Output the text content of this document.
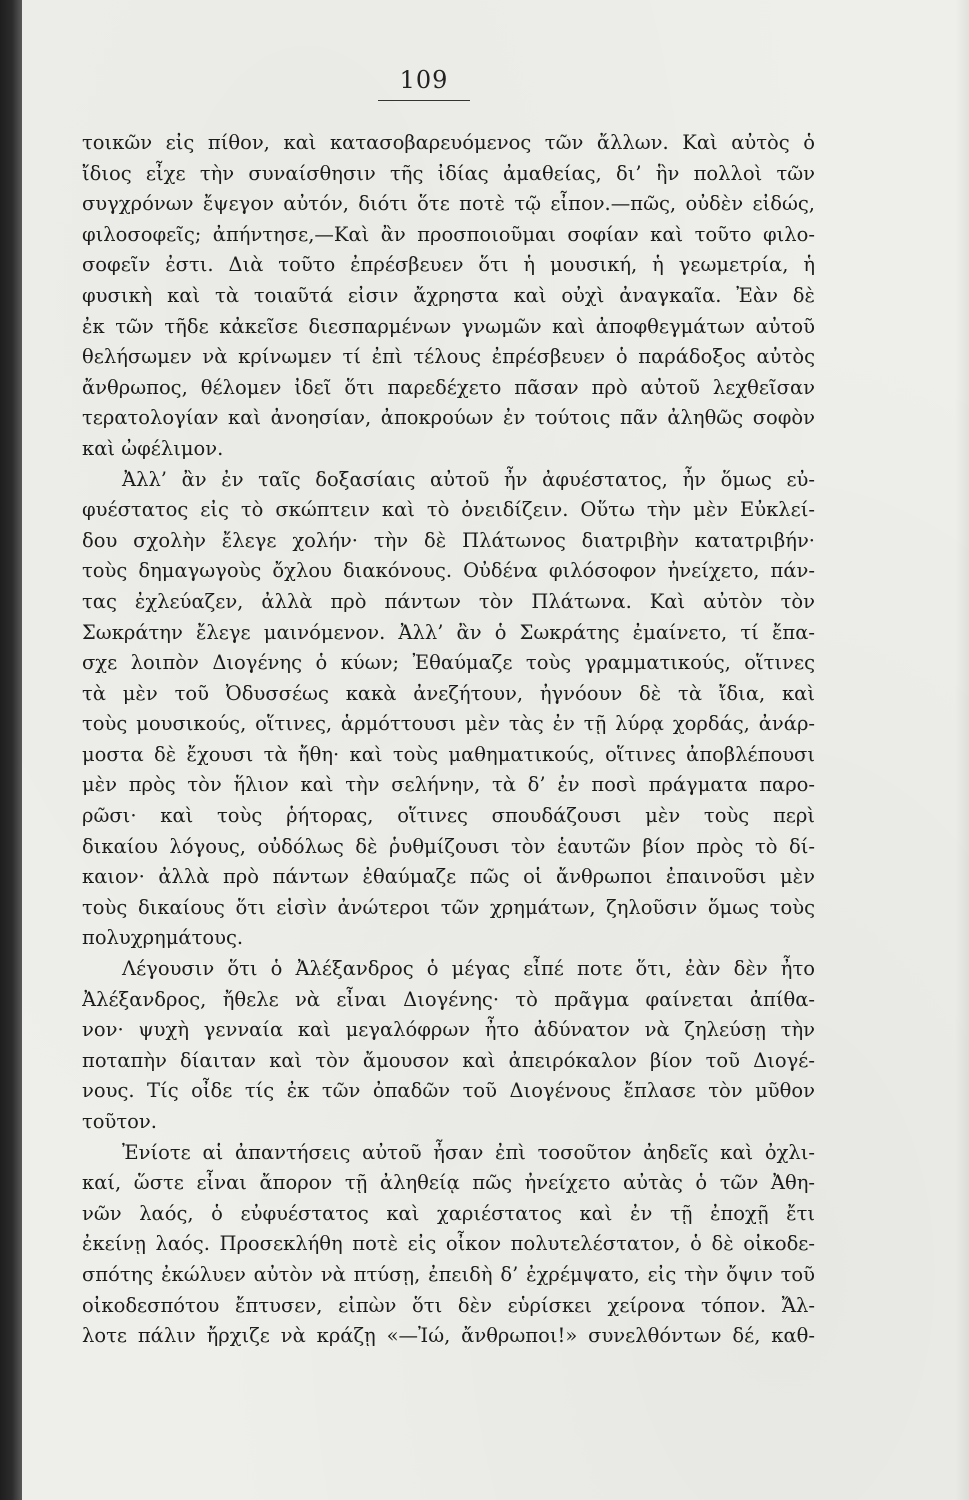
109
τοικῶν εἰς πίθον, καὶ κατασοβαρευόμενος τῶν ἄλλων. Καὶ αὐτὸς ὁ
ἴδιος εἶχε τὴν συναίσθησιν τῆς ἰδίας ἀμαθείας, δι’ ἣν πολλοὶ τῶν
συγχρόνων ἔψεγον αὐτόν, διότι ὅτε ποτὲ τῷ εἶπον.—πῶς, οὐδὲν εἰδώς,
φιλοσοφεῖς; ἀπήντησε,—Καὶ ἂν προσποιοῦμαι σοφίαν καὶ τοῦτο φιλο-
σοφεῖν ἐστι. Διὰ τοῦτο ἐπρέσβευεν ὅτι ἡ μουσική, ἡ γεωμετρία, ἡ
φυσικὴ καὶ τὰ τοιαῦτά εἰσιν ἄχρηστα καὶ οὐχὶ ἀναγκαῖα. Ἐὰν δὲ
ἐκ τῶν τῆδε κἀκεῖσε διεσπαρμένων γνωμῶν καὶ ἀποφθεγμάτων αὐτοῦ
θελήσωμεν νὰ κρίνωμεν τί ἐπὶ τέλους ἐπρέσβευεν ὁ παράδοξος αὐτὸς
ἄνθρωπος, θέλομεν ἰδεῖ ὅτι παρεδέχετο πᾶσαν πρὸ αὐτοῦ λεχθεῖσαν
τερατολογίαν καὶ ἀνοησίαν, ἀποκρούων ἐν τούτοις πᾶν ἀληθῶς σοφὸν
καὶ ὠφέλιμον.
Ἀλλ’ ἂν ἐν ταῖς δοξασίαις αὐτοῦ ἦν ἀφυέστατος, ἦν ὅμως εὐ-
φυέστατος εἰς τὸ σκώπτειν καὶ τὸ ὀνειδίζειν. Οὕτω τὴν μὲν Εὐκλεί-
δου σχολὴν ἔλεγε χολήν· τὴν δὲ Πλάτωνος διατριβὴν κατατριβήν·
τοὺς δημαγωγοὺς ὄχλου διακόνους. Οὐδένα φιλόσοφον ἠνείχετο, πάν-
τας ἐχλεύαζεν, ἀλλὰ πρὸ πάντων τὸν Πλάτωνα. Καὶ αὐτὸν τὸν
Σωκράτην ἔλεγε μαινόμενον. Ἀλλ’ ἂν ὁ Σωκράτης ἐμαίνετο, τί ἔπα-
σχε λοιπὸν Διογένης ὁ κύων; Ἐθαύμαζε τοὺς γραμματικούς, οἵτινες
τὰ μὲν τοῦ Ὀδυσσέως κακὰ ἀνεζήτουν, ἠγνόουν δὲ τὰ ἴδια, καὶ
τοὺς μουσικούς, οἵτινες, ἁρμόττουσι μὲν τὰς ἐν τῇ λύρᾳ χορδάς, ἀνάρ-
μοστα δὲ ἔχουσι τὰ ἤθη· καὶ τοὺς μαθηματικούς, οἵτινες ἀποβλέπουσι
μὲν πρὸς τὸν ἥλιον καὶ τὴν σελήνην, τὰ δ’ ἐν ποσὶ πράγματα παρο-
ρῶσι· καὶ τοὺς ῥήτορας, οἵτινες σπουδάζουσι μὲν τοὺς περὶ
δικαίου λόγους, οὐδόλως δὲ ῥυθμίζουσι τὸν ἑαυτῶν βίον πρὸς τὸ δί-
καιον· ἀλλὰ πρὸ πάντων ἐθαύμαζε πῶς οἱ ἄνθρωποι ἐπαινοῦσι μὲν
τοὺς δικαίους ὅτι εἰσὶν ἀνώτεροι τῶν χρημάτων, ζηλοῦσιν ὅμως τοὺς
πολυχρημάτους.
Λέγουσιν ὅτι ὁ Ἀλέξανδρος ὁ μέγας εἶπέ ποτε ὅτι, ἐὰν δὲν ἦτο
Ἀλέξανδρος, ἤθελε νὰ εἶναι Διογένης· τὸ πρᾶγμα φαίνεται ἀπίθα-
νον· ψυχὴ γενναία καὶ μεγαλόφρων ἦτο ἀδύνατον νὰ ζηλεύσῃ τὴν
ποταπὴν δίαιταν καὶ τὸν ἄμουσον καὶ ἀπειρόκαλον βίον τοῦ Διογέ-
νους. Τίς οἶδε τίς ἐκ τῶν ὀπαδῶν τοῦ Διογένους ἔπλασε τὸν μῦθον
τοῦτον.
Ἐνίοτε αἱ ἀπαντήσεις αὐτοῦ ἦσαν ἐπὶ τοσοῦτον ἀηδεῖς καὶ ὀχλι-
καί, ὥστε εἶναι ἄπορον τῇ ἀληθείᾳ πῶς ἠνείχετο αὐτὰς ὁ τῶν Ἀθη-
νῶν λαός, ὁ εὐφυέστατος καὶ χαριέστατος καὶ ἐν τῇ ἐποχῇ ἔτι
ἐκείνῃ λαός. Προσεκλήθη ποτὲ εἰς οἶκον πολυτελέστατον, ὁ δὲ οἰκοδε-
σπότης ἐκώλυεν αὐτὸν νὰ πτύσῃ, ἐπειδὴ δ’ ἐχρέμψατο, εἰς τὴν ὄψιν τοῦ
οἰκοδεσπότου ἔπτυσεν, εἰπὼν ὅτι δὲν εὑρίσκει χείρονα τόπον. Ἄλ-
λοτε πάλιν ἤρχιζε νὰ κράζῃ «—Ἰώ, ἄνθρωποι!» συνελθόντων δέ, καθ-
